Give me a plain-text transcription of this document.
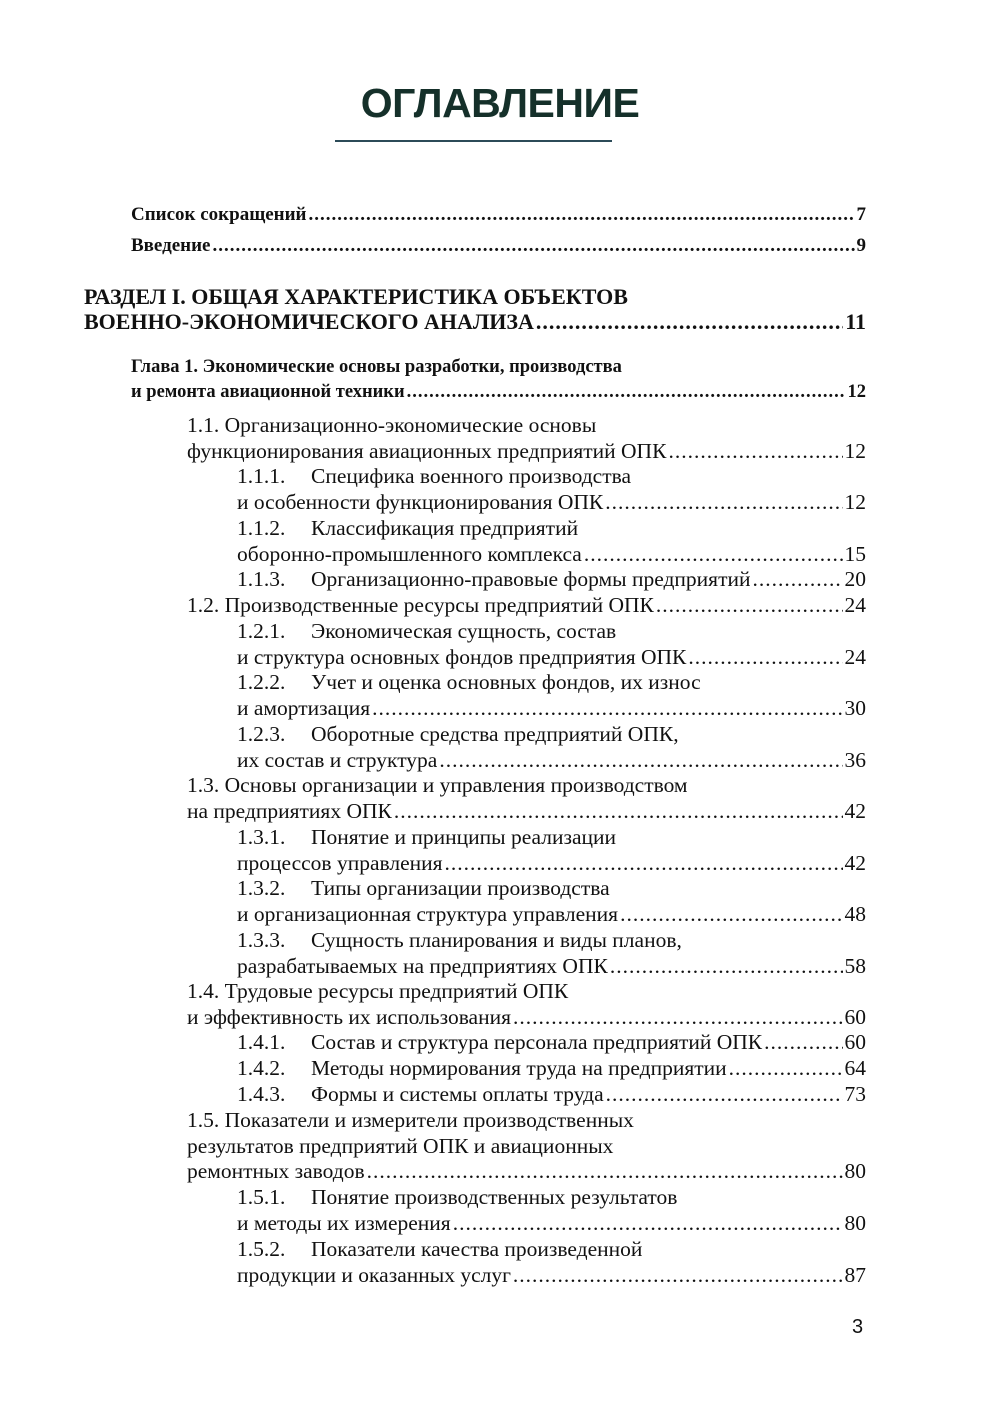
ОГЛАВЛЕНИЕ
Список сокращений .....	7
Введение .....	9
РАЗДЕЛ I. ОБЩАЯ ХАРАКТЕРИСТИКА ОБЪЕКТОВ
ВОЕННО-ЭКОНОМИЧЕСКОГО АНАЛИЗА .....	11
Глава 1. Экономические основы разработки, производства
и ремонта авиационной техники .....	12
1.1. Организационно-экономические основы
функционирования авиационных предприятий ОПК .....	12
1.1.1. Специфика военного производства
и особенности функционирования ОПК .....	12
1.1.2. Классификация предприятий
оборонно-промышленного комплекса .....	15
1.1.3. Организационно-правовые формы предприятий .....	20
1.2. Производственные ресурсы предприятий ОПК .....	24
1.2.1. Экономическая сущность, состав
и структура основных фондов предприятия ОПК .....	24
1.2.2. Учет и оценка основных фондов, их износ
и амортизация .....	30
1.2.3. Оборотные средства предприятий ОПК,
их состав и структура .....	36
1.3. Основы организации и управления производством
на предприятиях ОПК .....	42
1.3.1. Понятие и принципы реализации
процессов управления .....	42
1.3.2. Типы организации производства
и организационная структура управления .....	48
1.3.3. Сущность планирования и виды планов,
разрабатываемых на предприятиях ОПК .....	58
1.4. Трудовые ресурсы предприятий ОПК
и эффективность их использования .....	60
1.4.1. Состав и структура персонала предприятий ОПК .....	60
1.4.2. Методы нормирования труда на предприятии .....	64
1.4.3. Формы и системы оплаты труда .....	73
1.5. Показатели и измерители производственных
результатов предприятий ОПК и авиационных
ремонтных заводов .....	80
1.5.1. Понятие производственных результатов
и методы их измерения .....	80
1.5.2. Показатели качества произведенной
продукции и оказанных услуг .....	87
3
